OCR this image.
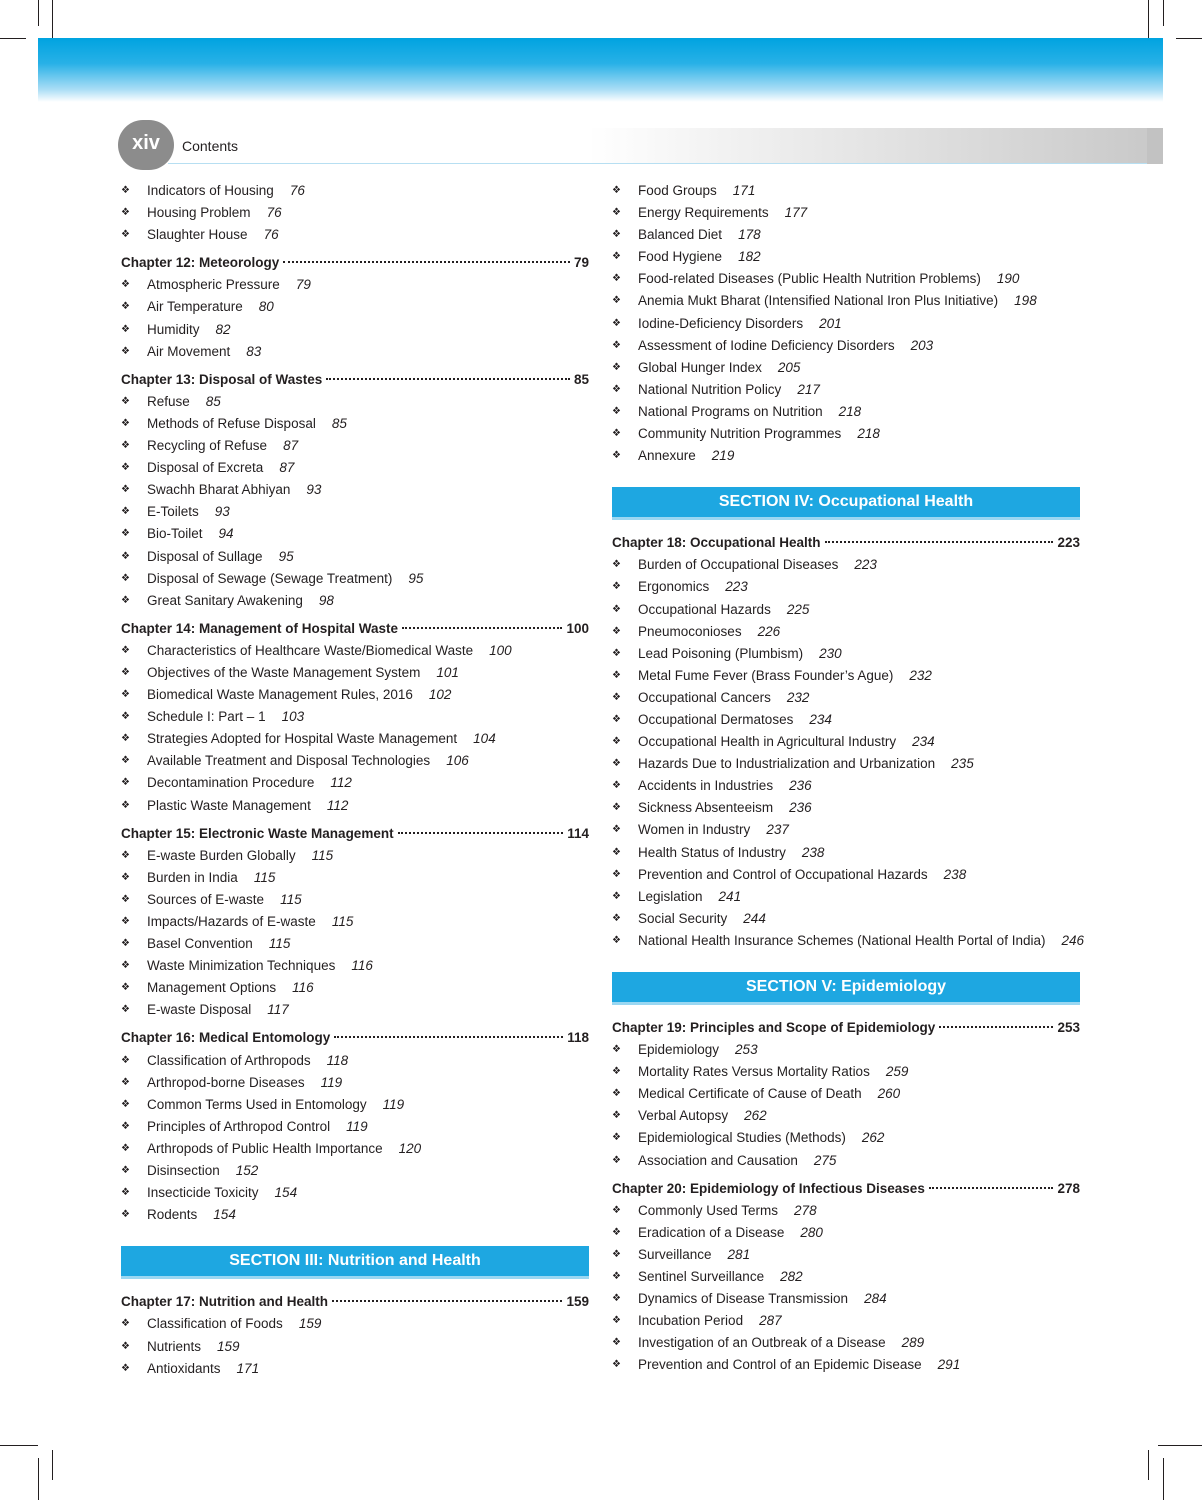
xiv	Contents
❖ Indicators of Housing 76
❖ Housing Problem 76
❖ Slaughter House 76
Chapter 12: Meteorology	79
❖ Atmospheric Pressure 79
❖ Air Temperature 80
❖ Humidity 82
❖ Air Movement 83
Chapter 13: Disposal of Wastes	85
❖ Refuse 85
❖ Methods of Refuse Disposal 85
❖ Recycling of Refuse 87
❖ Disposal of Excreta 87
❖ Swachh Bharat Abhiyan 93
❖ E-Toilets 93
❖ Bio-Toilet 94
❖ Disposal of Sullage 95
❖ Disposal of Sewage (Sewage Treatment) 95
❖ Great Sanitary Awakening 98
Chapter 14: Management of Hospital Waste	100
❖ Characteristics of Healthcare Waste/Biomedical Waste 100
❖ Objectives of the Waste Management System 101
❖ Biomedical Waste Management Rules, 2016 102
❖ Schedule I: Part – 1 103
❖ Strategies Adopted for Hospital Waste Management 104
❖ Available Treatment and Disposal Technologies 106
❖ Decontamination Procedure 112
❖ Plastic Waste Management 112
Chapter 15: Electronic Waste Management	114
❖ E-waste Burden Globally 115
❖ Burden in India 115
❖ Sources of E-waste 115
❖ Impacts/Hazards of E-waste 115
❖ Basel Convention 115
❖ Waste Minimization Techniques 116
❖ Management Options 116
❖ E-waste Disposal 117
Chapter 16: Medical Entomology	118
❖ Classification of Arthropods 118
❖ Arthropod-borne Diseases 119
❖ Common Terms Used in Entomology 119
❖ Principles of Arthropod Control 119
❖ Arthropods of Public Health Importance 120
❖ Disinsection 152
❖ Insecticide Toxicity 154
❖ Rodents 154
SECTION III: Nutrition and Health
Chapter 17: Nutrition and Health	159
❖ Classification of Foods 159
❖ Nutrients 159
❖ Antioxidants 171
❖ Food Groups 171
❖ Energy Requirements 177
❖ Balanced Diet 178
❖ Food Hygiene 182
❖ Food-related Diseases (Public Health Nutrition Problems) 190
❖ Anemia Mukt Bharat (Intensified National Iron Plus Initiative) 198
❖ Iodine-Deficiency Disorders 201
❖ Assessment of Iodine Deficiency Disorders 203
❖ Global Hunger Index 205
❖ National Nutrition Policy 217
❖ National Programs on Nutrition 218
❖ Community Nutrition Programmes 218
❖ Annexure 219
SECTION IV: Occupational Health
Chapter 18: Occupational Health	223
❖ Burden of Occupational Diseases 223
❖ Ergonomics 223
❖ Occupational Hazards 225
❖ Pneumoconioses 226
❖ Lead Poisoning (Plumbism) 230
❖ Metal Fume Fever (Brass Founder’s Ague) 232
❖ Occupational Cancers 232
❖ Occupational Dermatoses 234
❖ Occupational Health in Agricultural Industry 234
❖ Hazards Due to Industrialization and Urbanization 235
❖ Accidents in Industries 236
❖ Sickness Absenteeism 236
❖ Women in Industry 237
❖ Health Status of Industry 238
❖ Prevention and Control of Occupational Hazards 238
❖ Legislation 241
❖ Social Security 244
❖ National Health Insurance Schemes (National Health Portal of India) 246
SECTION V: Epidemiology
Chapter 19: Principles and Scope of Epidemiology	253
❖ Epidemiology 253
❖ Mortality Rates Versus Mortality Ratios 259
❖ Medical Certificate of Cause of Death 260
❖ Verbal Autopsy 262
❖ Epidemiological Studies (Methods) 262
❖ Association and Causation 275
Chapter 20: Epidemiology of Infectious Diseases	278
❖ Commonly Used Terms 278
❖ Eradication of a Disease 280
❖ Surveillance 281
❖ Sentinel Surveillance 282
❖ Dynamics of Disease Transmission 284
❖ Incubation Period 287
❖ Investigation of an Outbreak of a Disease 289
❖ Prevention and Control of an Epidemic Disease 291
